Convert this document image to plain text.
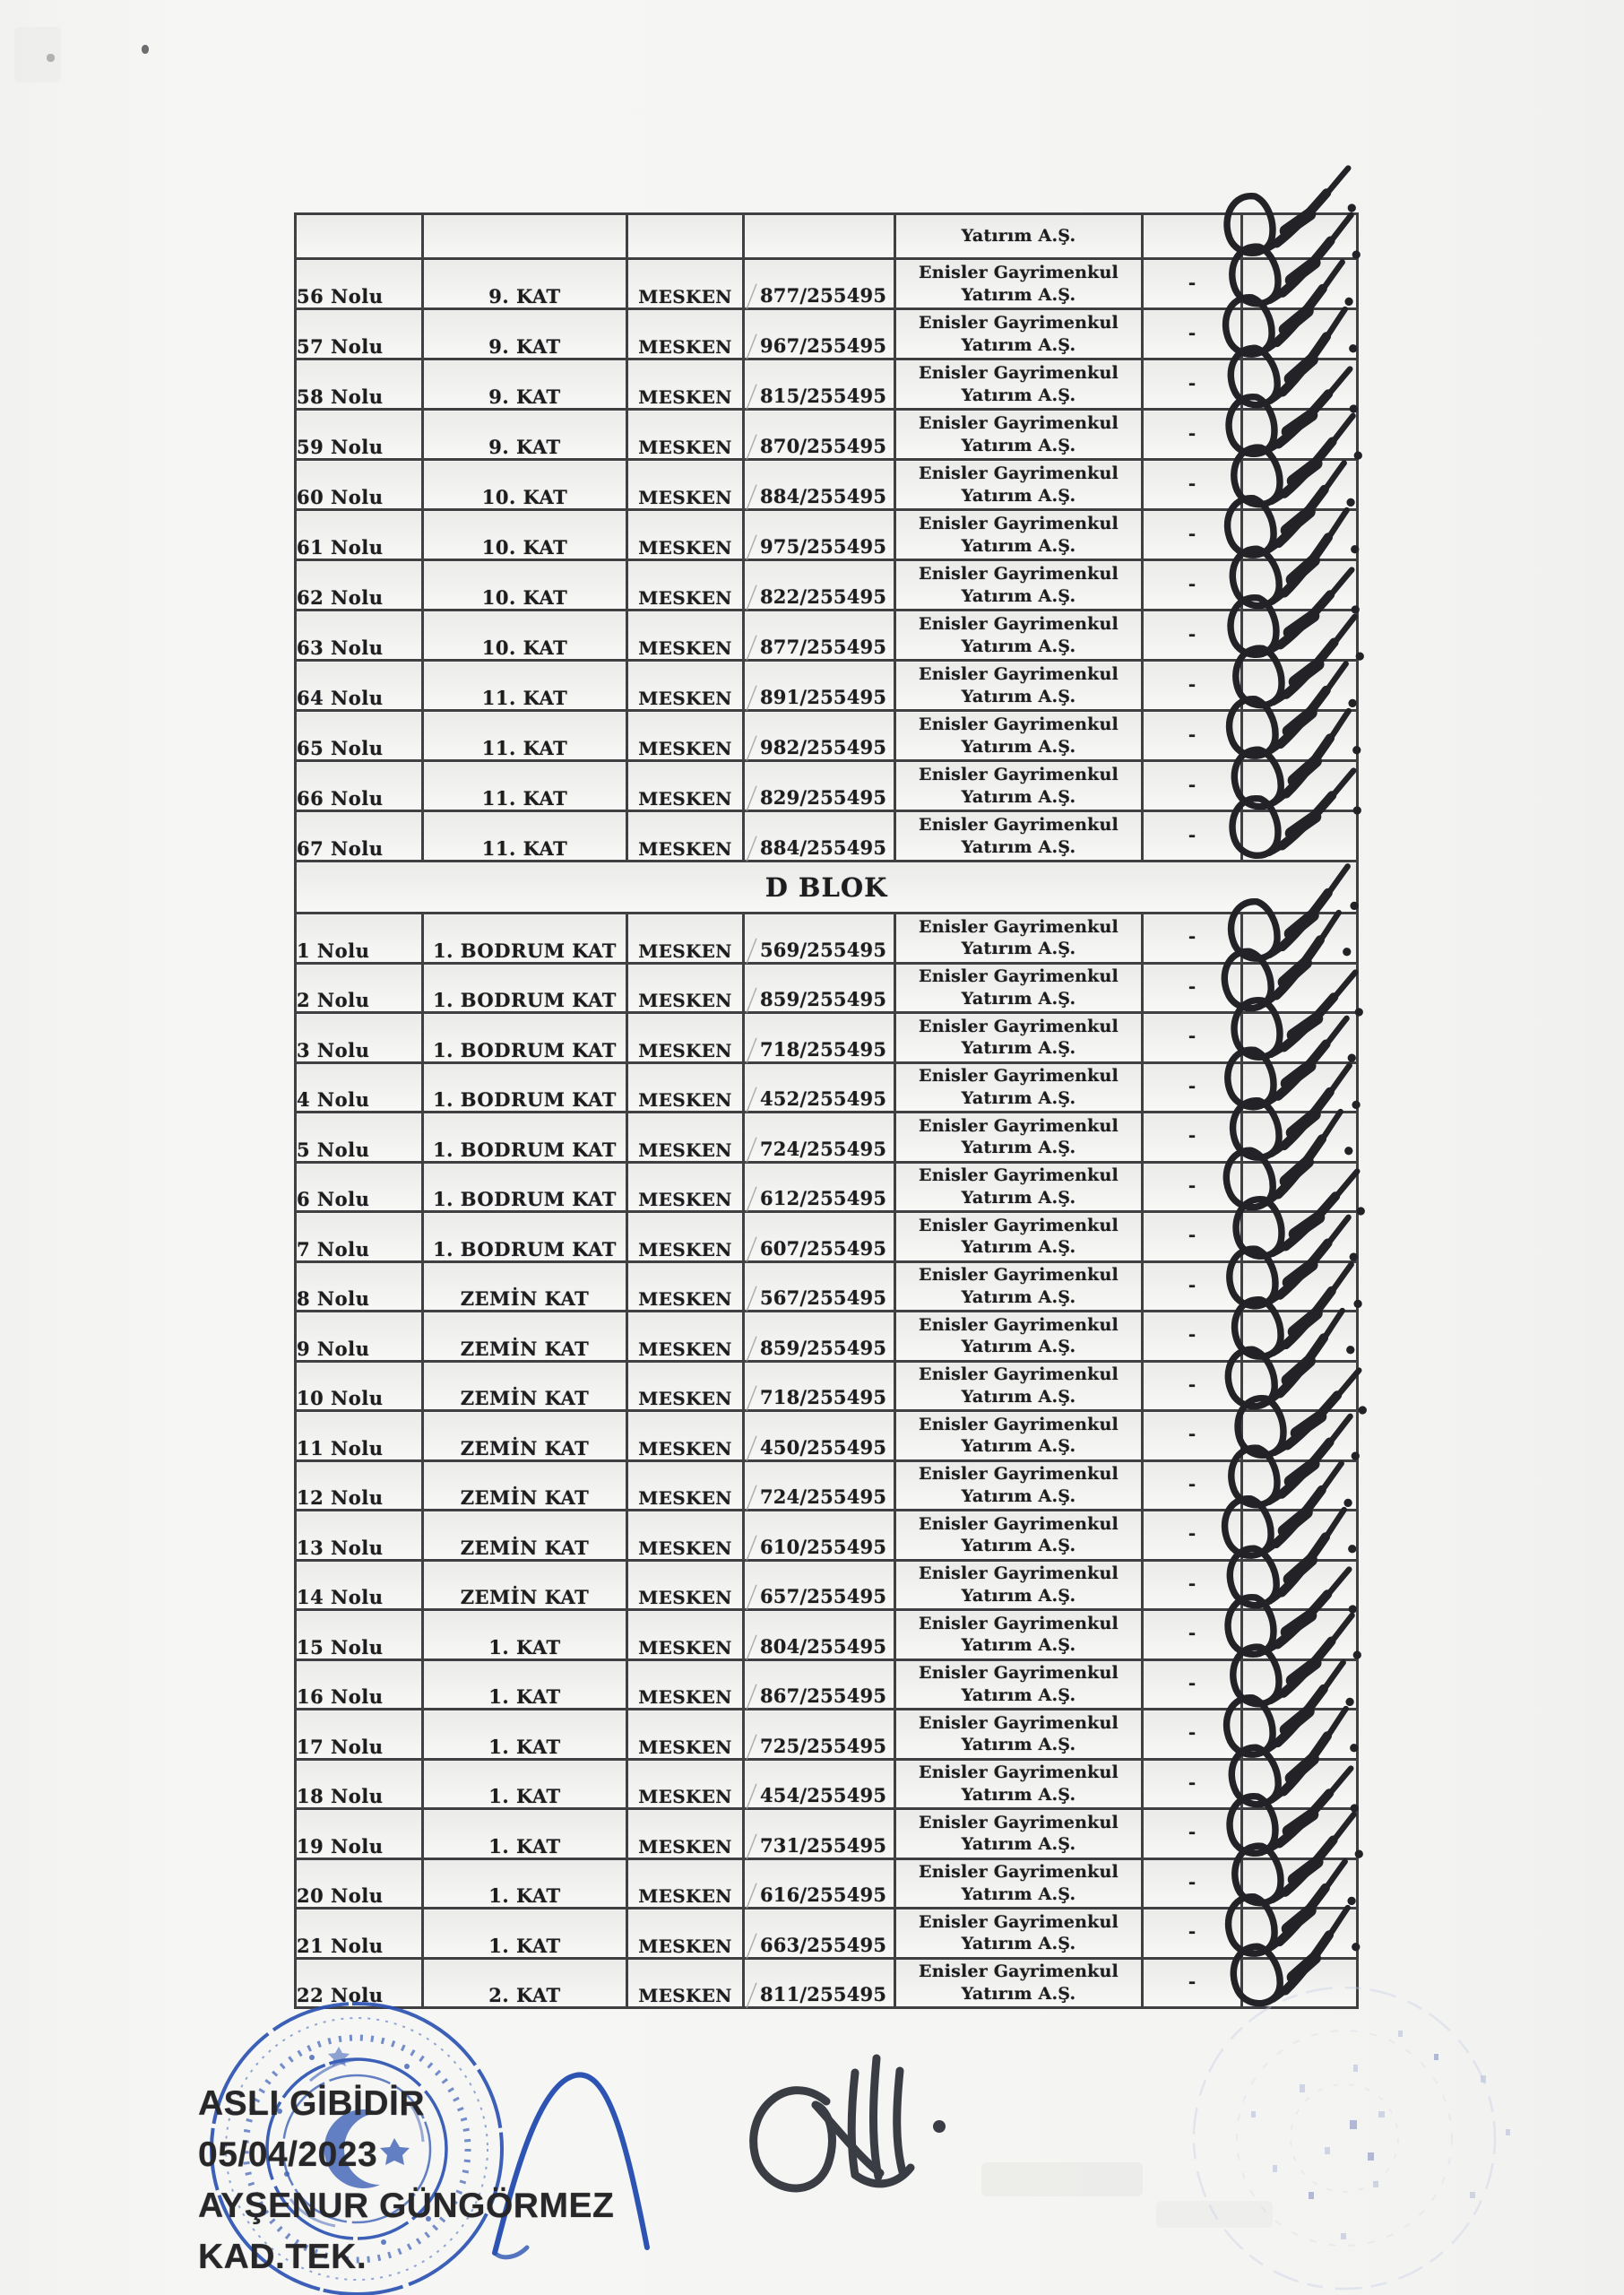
				Yatırım A.Ş.		

56 Nolu	9. KAT	MESKEN	╱ 877/255495	Enisler Gayrimenkul
Yatırım A.Ş.	-	

57 Nolu	9. KAT	MESKEN	╱ 967/255495	Enisler Gayrimenkul
Yatırım A.Ş.	-	

58 Nolu	9. KAT	MESKEN	╱ 815/255495	Enisler Gayrimenkul
Yatırım A.Ş.	-	

59 Nolu	9. KAT	MESKEN	╱ 870/255495	Enisler Gayrimenkul
Yatırım A.Ş.	-	

60 Nolu	10. KAT	MESKEN	╱ 884/255495	Enisler Gayrimenkul
Yatırım A.Ş.	-	

61 Nolu	10. KAT	MESKEN	╱ 975/255495	Enisler Gayrimenkul
Yatırım A.Ş.	-	

62 Nolu	10. KAT	MESKEN	╱ 822/255495	Enisler Gayrimenkul
Yatırım A.Ş.	-	

63 Nolu	10. KAT	MESKEN	╱ 877/255495	Enisler Gayrimenkul
Yatırım A.Ş.	-	

64 Nolu	11. KAT	MESKEN	╱ 891/255495	Enisler Gayrimenkul
Yatırım A.Ş.	-	

65 Nolu	11. KAT	MESKEN	╱ 982/255495	Enisler Gayrimenkul
Yatırım A.Ş.	-	

66 Nolu	11. KAT	MESKEN	╱ 829/255495	Enisler Gayrimenkul
Yatırım A.Ş.	-	

67 Nolu	11. KAT	MESKEN	╱ 884/255495	Enisler Gayrimenkul
Yatırım A.Ş.	-	

D BLOK						
1 Nolu	1. BODRUM KAT	MESKEN	╱ 569/255495	Enisler Gayrimenkul
Yatırım A.Ş.	-	

2 Nolu	1. BODRUM KAT	MESKEN	╱ 859/255495	Enisler Gayrimenkul
Yatırım A.Ş.	-	

3 Nolu	1. BODRUM KAT	MESKEN	╱ 718/255495	Enisler Gayrimenkul
Yatırım A.Ş.	-	

4 Nolu	1. BODRUM KAT	MESKEN	╱ 452/255495	Enisler Gayrimenkul
Yatırım A.Ş.	-	

5 Nolu	1. BODRUM KAT	MESKEN	╱ 724/255495	Enisler Gayrimenkul
Yatırım A.Ş.	-	

6 Nolu	1. BODRUM KAT	MESKEN	╱ 612/255495	Enisler Gayrimenkul
Yatırım A.Ş.	-	

7 Nolu	1. BODRUM KAT	MESKEN	╱ 607/255495	Enisler Gayrimenkul
Yatırım A.Ş.	-	

8 Nolu	ZEMİN KAT	MESKEN	╱ 567/255495	Enisler Gayrimenkul
Yatırım A.Ş.	-	

9 Nolu	ZEMİN KAT	MESKEN	╱ 859/255495	Enisler Gayrimenkul
Yatırım A.Ş.	-	

10 Nolu	ZEMİN KAT	MESKEN	╱ 718/255495	Enisler Gayrimenkul
Yatırım A.Ş.	-	

11 Nolu	ZEMİN KAT	MESKEN	╱ 450/255495	Enisler Gayrimenkul
Yatırım A.Ş.	-	

12 Nolu	ZEMİN KAT	MESKEN	╱ 724/255495	Enisler Gayrimenkul
Yatırım A.Ş.	-	

13 Nolu	ZEMİN KAT	MESKEN	╱ 610/255495	Enisler Gayrimenkul
Yatırım A.Ş.	-	

14 Nolu	ZEMİN KAT	MESKEN	╱ 657/255495	Enisler Gayrimenkul
Yatırım A.Ş.	-	

15 Nolu	1. KAT	MESKEN	╱ 804/255495	Enisler Gayrimenkul
Yatırım A.Ş.	-	

16 Nolu	1. KAT	MESKEN	╱ 867/255495	Enisler Gayrimenkul
Yatırım A.Ş.	-	

17 Nolu	1. KAT	MESKEN	╱ 725/255495	Enisler Gayrimenkul
Yatırım A.Ş.	-	

18 Nolu	1. KAT	MESKEN	╱ 454/255495	Enisler Gayrimenkul
Yatırım A.Ş.	-	

19 Nolu	1. KAT	MESKEN	╱ 731/255495	Enisler Gayrimenkul
Yatırım A.Ş.	-	

20 Nolu	1. KAT	MESKEN	╱ 616/255495	Enisler Gayrimenkul
Yatırım A.Ş.	-	

21 Nolu	1. KAT	MESKEN	╱ 663/255495	Enisler Gayrimenkul
Yatırım A.Ş.	-	

22 Nolu	2. KAT	MESKEN	╱ 811/255495	Enisler Gayrimenkul
Yatırım A.Ş.	-	
ASLI GİBİDİR
05/04/2023
AYŞENUR GÜNGÖRMEZ
KAD.TEK.
